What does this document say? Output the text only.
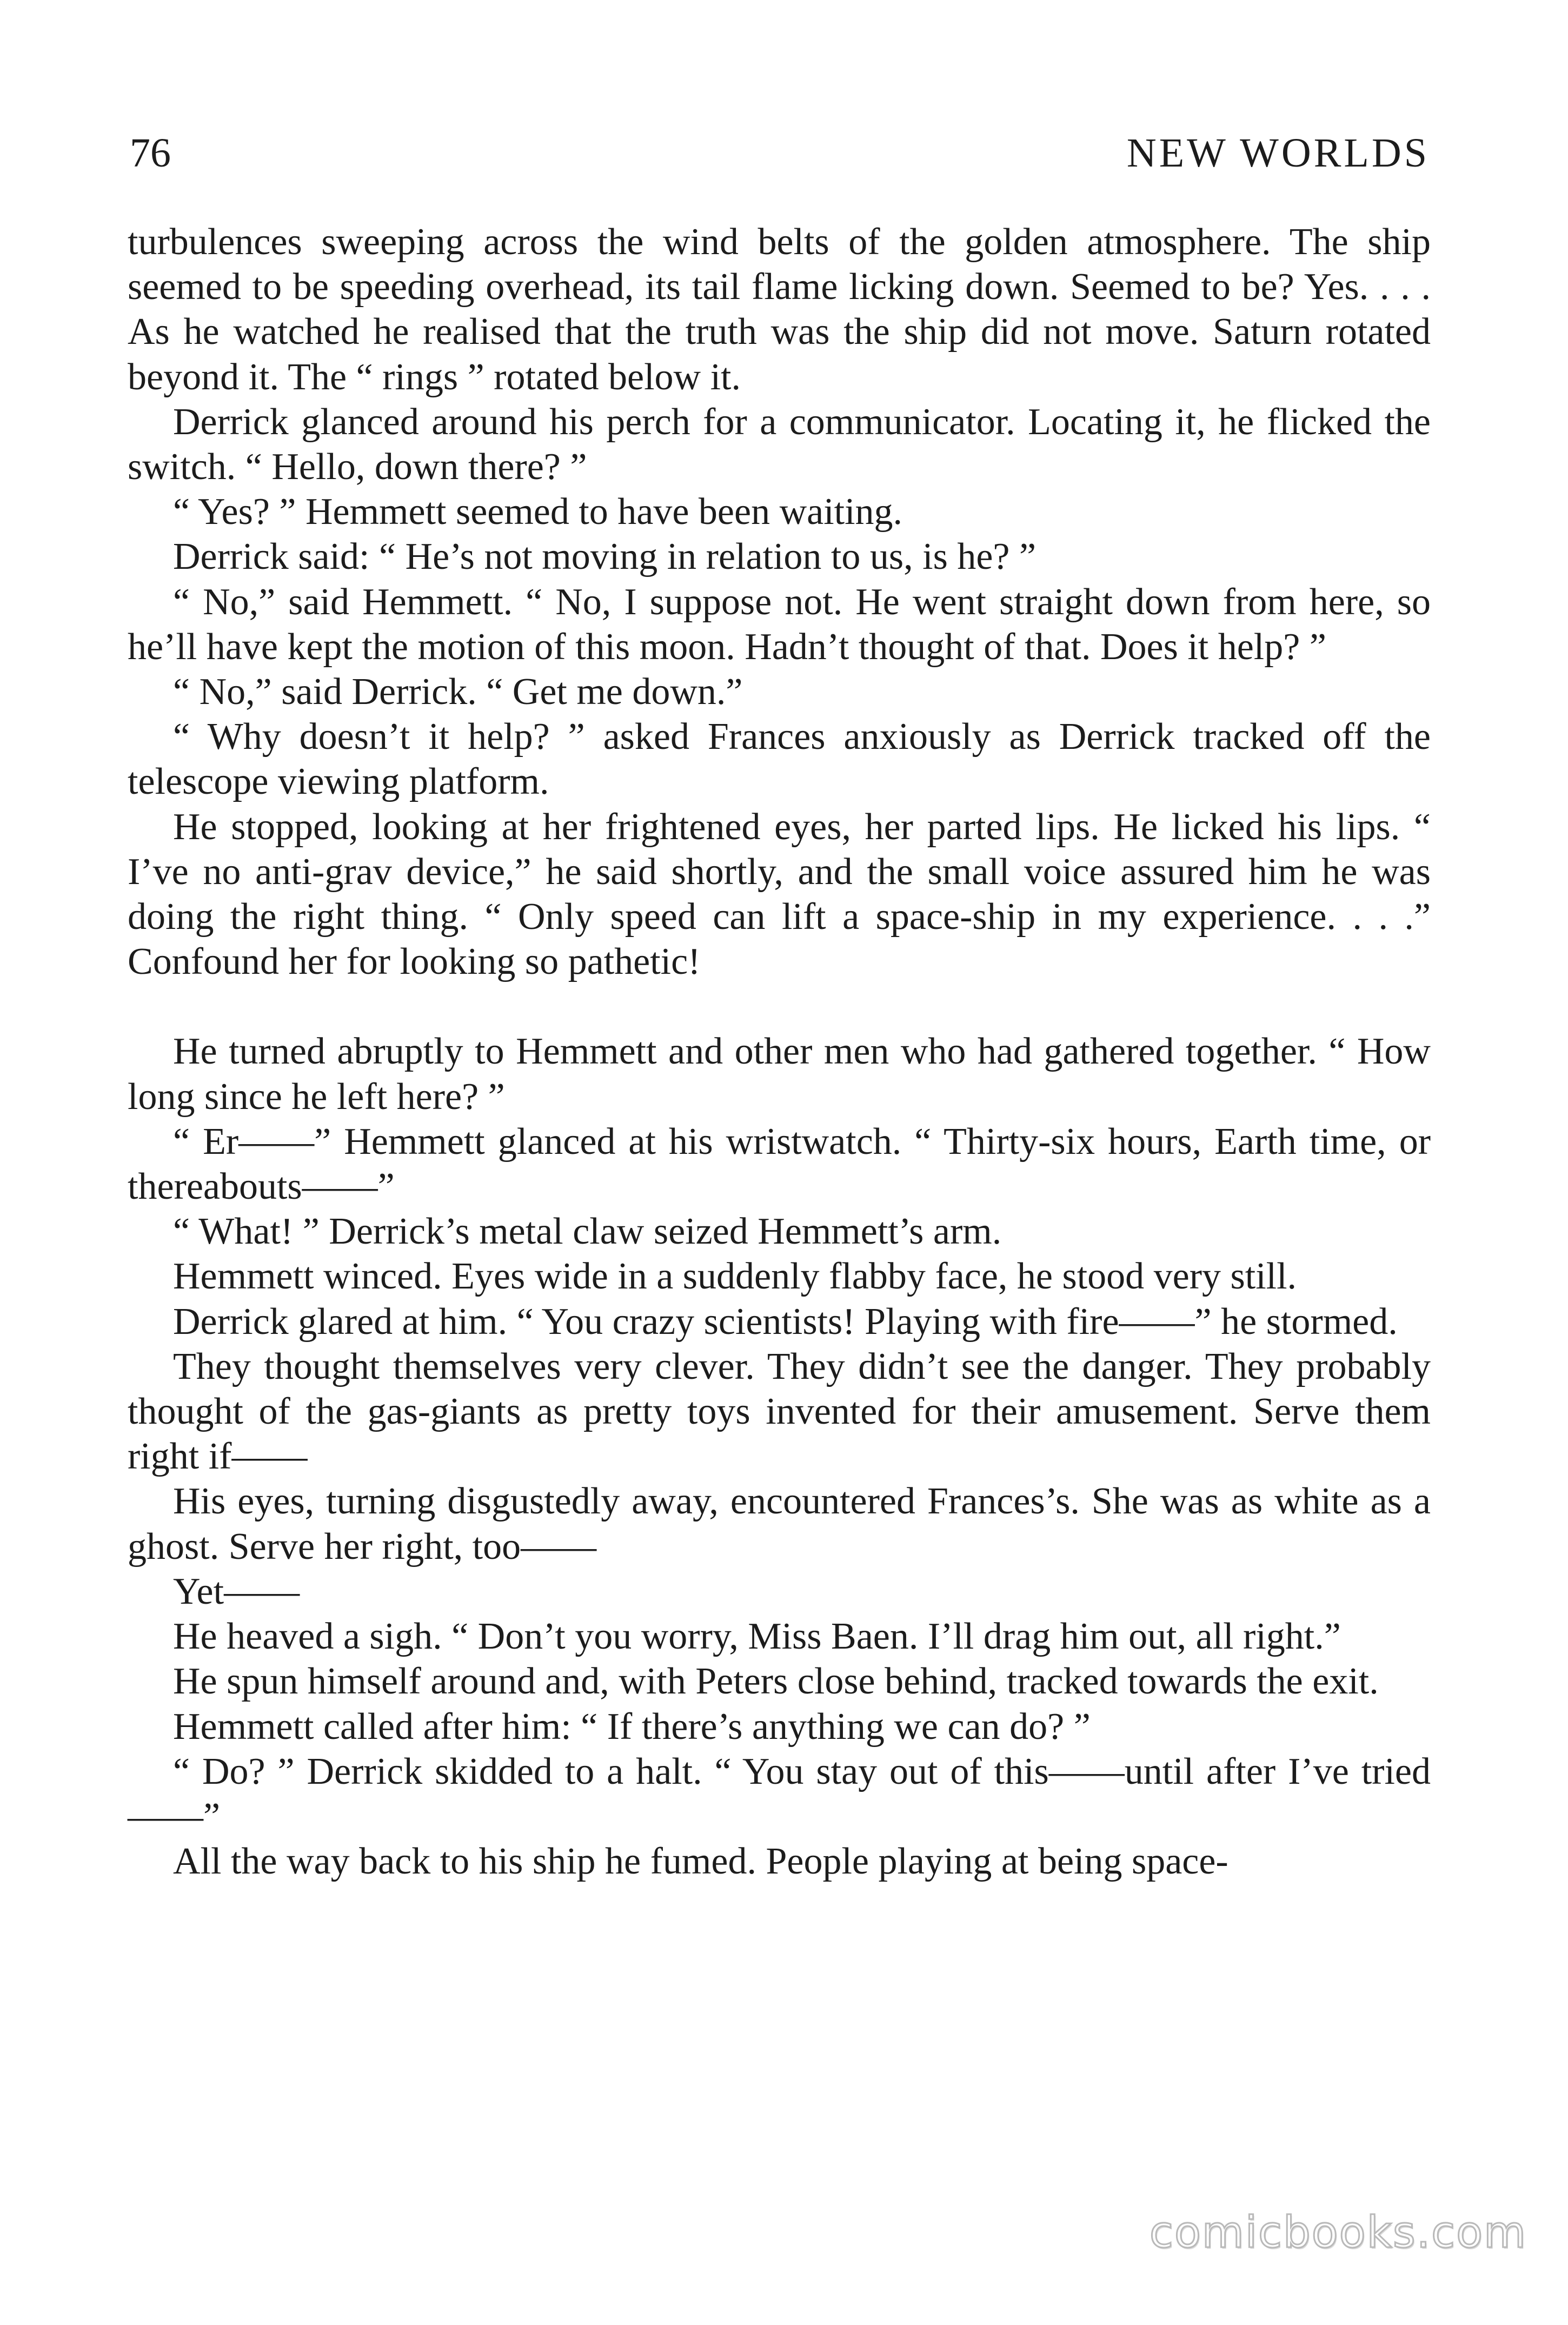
76	NEW WORLDS

turbulences sweeping across the wind belts of the golden atmosphere. The ship seemed to be speeding overhead, its tail flame licking down. Seemed to be? Yes. . . . As he watched he realised that the truth was the ship did not move. Saturn rotated beyond it. The “ rings ” rotated below it.

Derrick glanced around his perch for a communicator. Locating it, he flicked the switch. “ Hello, down there? ”

“ Yes? ” Hemmett seemed to have been waiting.

Derrick said: “ He’s not moving in relation to us, is he? ”

“ No,” said Hemmett. “ No, I suppose not. He went straight down from here, so he’ll have kept the motion of this moon. Hadn’t thought of that. Does it help? ”

“ No,” said Derrick. “ Get me down.”

“ Why doesn’t it help? ” asked Frances anxiously as Derrick tracked off the telescope viewing platform.

He stopped, looking at her frightened eyes, her parted lips. He licked his lips. “ I’ve no anti-grav device,” he said shortly, and the small voice assured him he was doing the right thing. “ Only speed can lift a space-ship in my experience. . . .” Confound her for looking so pathetic!

He turned abruptly to Hemmett and other men who had gathered together. “ How long since he left here? ”

“ Er——” Hemmett glanced at his wristwatch. “ Thirty-six hours, Earth time, or thereabouts——”

“ What! ” Derrick’s metal claw seized Hemmett’s arm.

Hemmett winced. Eyes wide in a suddenly flabby face, he stood very still.

Derrick glared at him. “ You crazy scientists! Playing with fire——” he stormed.

They thought themselves very clever. They didn’t see the danger. They probably thought of the gas-giants as pretty toys invented for their amusement. Serve them right if——

His eyes, turning disgustedly away, encountered Frances’s. She was as white as a ghost. Serve her right, too——

Yet——

He heaved a sigh. “ Don’t you worry, Miss Baen. I’ll drag him out, all right.”

He spun himself around and, with Peters close behind, tracked towards the exit.

Hemmett called after him: “ If there’s anything we can do? ”

“ Do? ” Derrick skidded to a halt. “ You stay out of this——until after I’ve tried——”

All the way back to his ship he fumed. People playing at being space-

comicbooks.com
